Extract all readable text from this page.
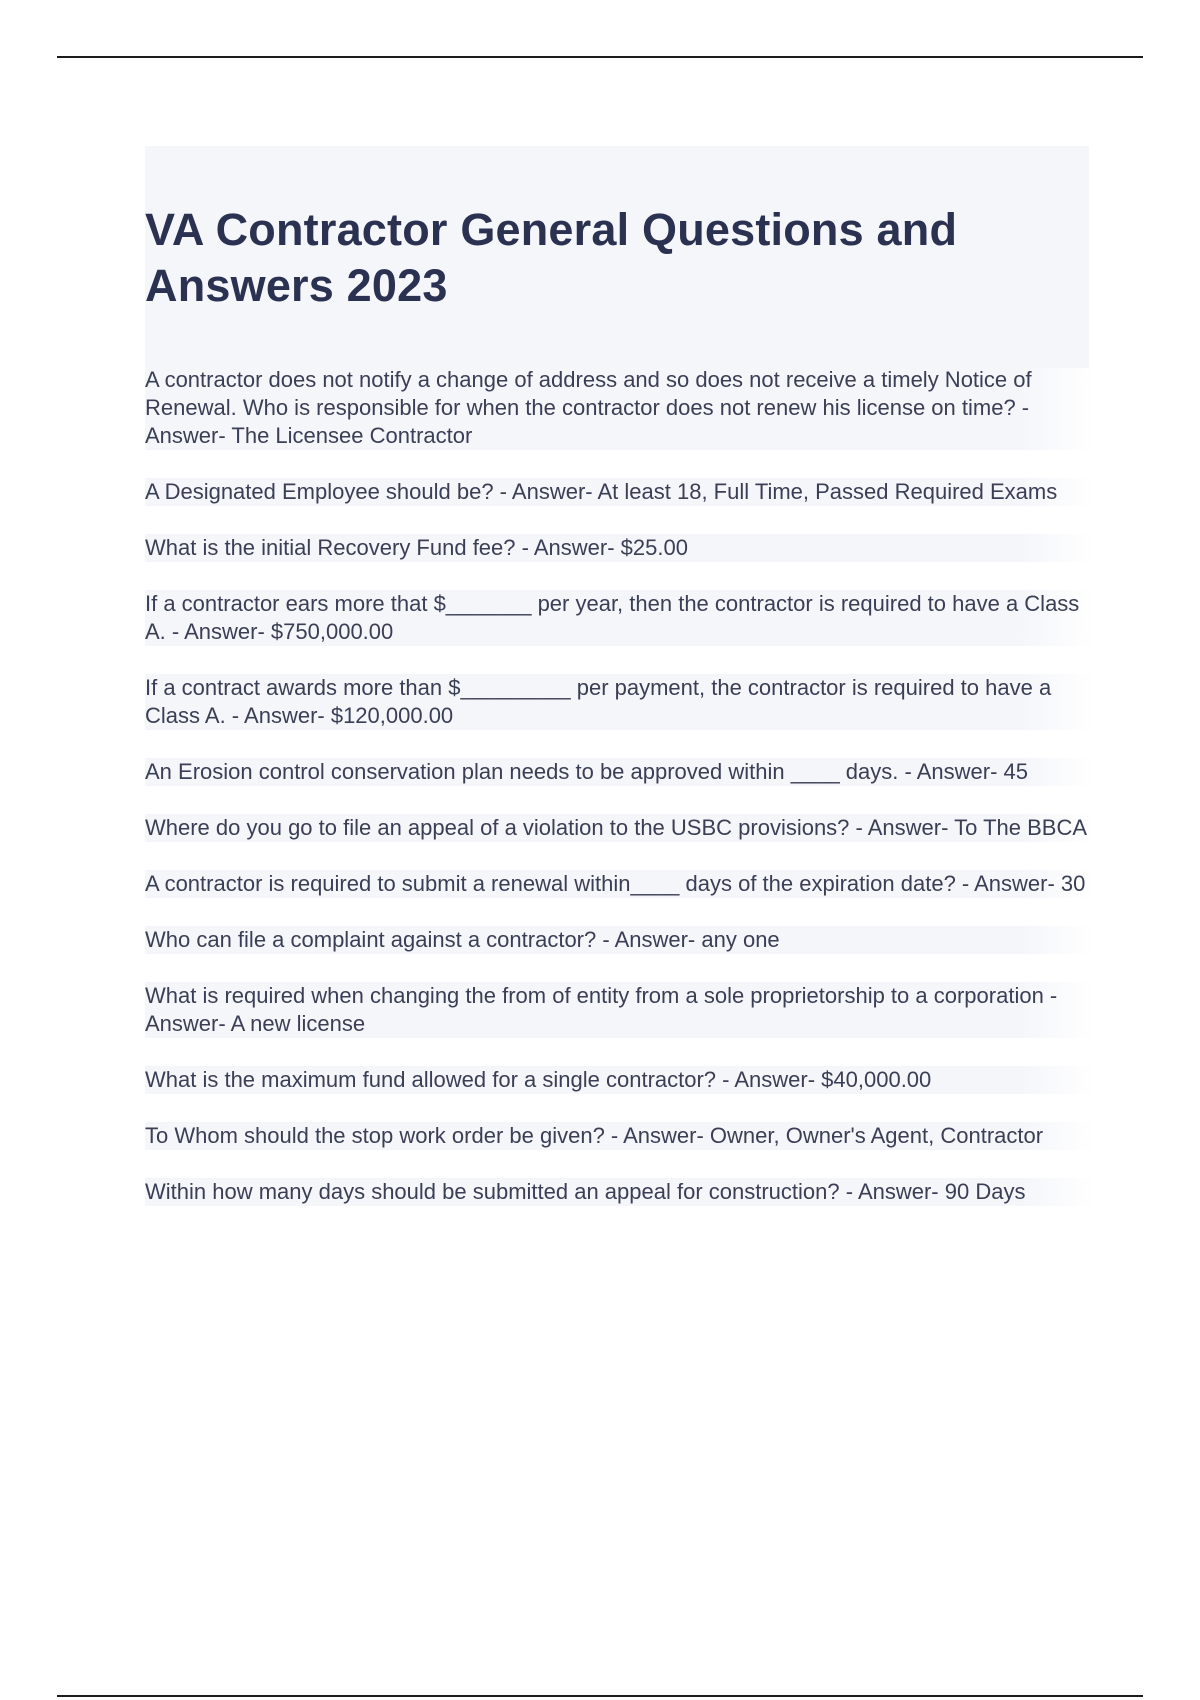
VA Contractor General Questions and Answers 2023

A contractor does not notify a change of address and so does not receive a timely Notice of Renewal. Who is responsible for when the contractor does not renew his license on time? - Answer- The Licensee Contractor

A Designated Employee should be? - Answer- At least 18, Full Time, Passed Required Exams

What is the initial Recovery Fund fee? - Answer- $25.00

If a contractor ears more that $_______ per year, then the contractor is required to have a Class A. - Answer- $750,000.00

If a contract awards more than $_________ per payment, the contractor is required to have a Class A. - Answer- $120,000.00

An Erosion control conservation plan needs to be approved within ____ days. - Answer- 45

Where do you go to file an appeal of a violation to the USBC provisions? - Answer- To The BBCA

A contractor is required to submit a renewal within____ days of the expiration date? - Answer- 30

Who can file a complaint against a contractor? - Answer- any one

What is required when changing the from of entity from a sole proprietorship to a corporation - Answer- A new license

What is the maximum fund allowed for a single contractor? - Answer- $40,000.00

To Whom should the stop work order be given? - Answer- Owner, Owner's Agent, Contractor

Within how many days should be submitted an appeal for construction? - Answer- 90 Days
